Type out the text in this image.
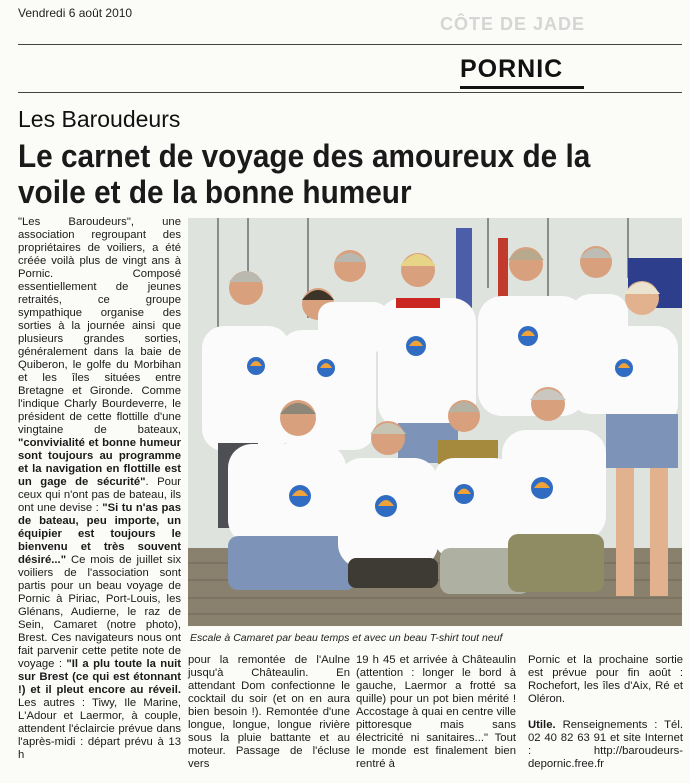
Vendredi 6 août 2010
CÔTE DE JADE
PORNIC
Les Baroudeurs
Le carnet de voyage des amoureux de la voile et de la bonne humeur
"Les Baroudeurs", une association regroupant des propriétaires de voiliers, a été créée voilà plus de vingt ans à Pornic. Composé essentiellement de jeunes retraités, ce groupe sympathique organise des sorties à la journée ainsi que plusieurs grandes sorties, généralement dans la baie de Quiberon, le golfe du Morbihan et les îles situées entre Bretagne et Gironde. Comme l'indique Charly Bourdeverre, le président de cette flottille d'une vingtaine de bateaux, "convivialité et bonne humeur sont toujours au programme et la navigation en flottille est un gage de sécurité". Pour ceux qui n'ont pas de bateau, ils ont une devise : "Si tu n'as pas de bateau, peu importe, un équipier est toujours le bienvenu et très souvent désiré..." Ce mois de juillet six voiliers de l'association sont partis pour un beau voyage de Pornic à Piriac, Port-Louis, les Glénans, Audierne, le raz de Sein, Camaret (notre photo), Brest. Ces navigateurs nous ont fait parvenir cette petite note de voyage : "Il a plu toute la nuit sur Brest (ce qui est étonnant !) et il pleut encore au réveil. Les autres : Tiwy, Ile Marine, L'Adour et Laermor, à couple, attendent l'éclaircie prévue dans l'après-midi : départ prévu à 13 h
Escale à Camaret par beau temps et avec un beau T-shirt tout neuf
pour la remontée de l'Aulne jusqu'à Châteaulin. En attendant Dom confectionne le cocktail du soir (et on en aura bien besoin !). Remontée d'une longue, longue, longue rivière sous la pluie battante et au moteur. Passage de l'écluse vers
19 h 45 et arrivée à Châteaulin (attention : longer le bord à gauche, Laermor a frotté sa quille) pour un pot bien mérité ! Accostage à quai en centre ville pittoresque mais sans électricité ni sanitaires..." Tout le monde est finalement bien rentré à
Pornic et la prochaine sortie est prévue pour fin août : Rochefort, les îles d'Aix, Ré et Oléron.

Utile. Renseignements : Tél. 02 40 82 63 91 et site Internet : http://baroudeurs-depornic.free.fr
